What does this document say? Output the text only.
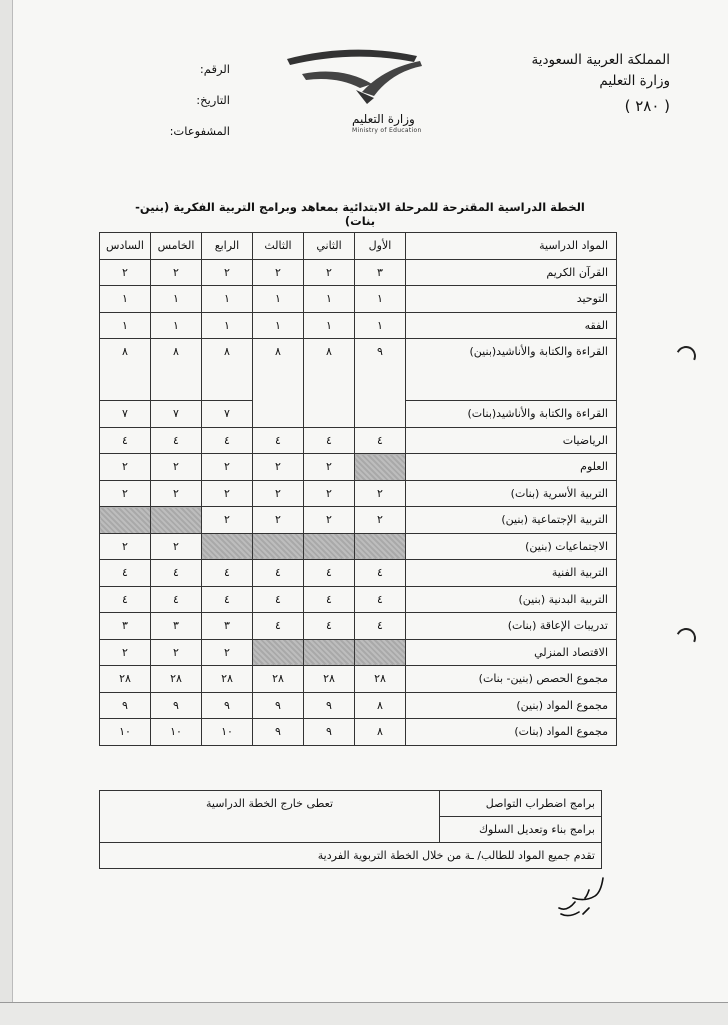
المملكة العربية السعودية
وزارة التعليم
( ٢٨٠ )
الرقم:
التاريخ:
المشفوعات:
وزارة التعليم
Ministry of Education
الخطة الدراسية المقترحة للمرحلة الابتدائية بمعاهد وبرامج التربية الفكرية (بنين- بنات)
المواد الدراسية	الأول	الثاني	الثالث	الرابع	الخامس	السادس
القرآن الكريم	٣	٢	٢	٢	٢	٢
التوحيد	١	١	١	١	١	١
الفقه	١	١	١	١	١	١
القراءة والكتابة والأناشيد(بنين)	٩	٨	٨	٨	٨	٨
القراءة والكتابة والأناشيد(بنات)				٧	٧	٧
الرياضيات	٤	٤	٤	٤	٤	٤
العلوم		٢	٢	٢	٢	٢
التربية الأسرية (بنات)	٢	٢	٢	٢	٢	٢
التربية الإجتماعية (بنين)	٢	٢	٢	٢		
الاجتماعيات (بنين)					٢	٢
التربية الفنية	٤	٤	٤	٤	٤	٤
التربية البدنية (بنين)	٤	٤	٤	٤	٤	٤
تدريبات الإعاقة (بنات)	٤	٤	٤	٣	٣	٣
الاقتصاد المنزلي				٢	٢	٢
مجموع الحصص (بنين- بنات)	٢٨	٢٨	٢٨	٢٨	٢٨	٢٨
مجموع المواد (بنين)	٨	٩	٩	٩	٩	٩
مجموع المواد (بنات)	٨	٩	٩	١٠	١٠	١٠
برامج اضطراب التواصل	تعطى خارج الخطة الدراسية
برامج بناء وتعديل السلوك
تقدم جميع المواد للطالب/ ـة من خلال الخطة التربوية الفردية
